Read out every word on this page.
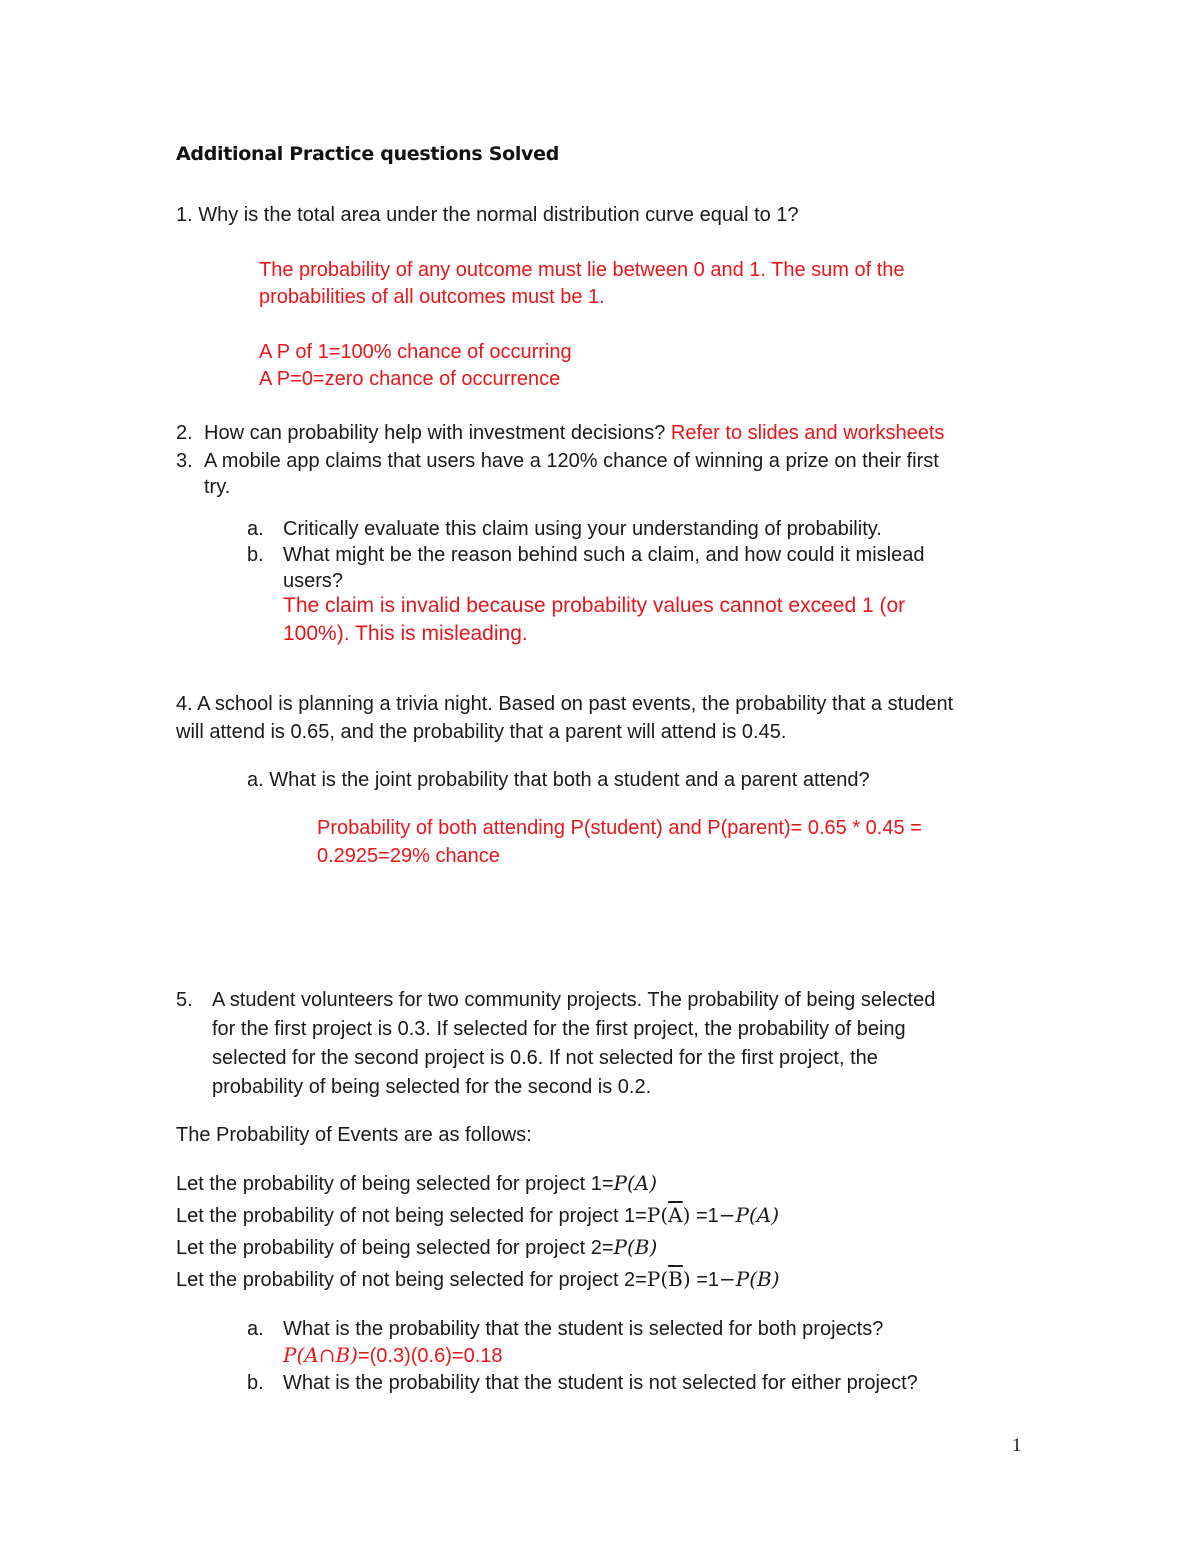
Additional Practice questions Solved
1. Why is the total area under the normal distribution curve equal to 1?
The probability of any outcome must lie between 0 and 1. The sum of the
probabilities of all outcomes must be 1.
A P of 1=100% chance of occurring
A P=0=zero chance of occurrence
2. How can probability help with investment decisions? Refer to slides and worksheets
3. A mobile app claims that users have a 120% chance of winning a prize on their first
try.
a. Critically evaluate this claim using your understanding of probability.
b. What might be the reason behind such a claim, and how could it mislead
users?
The claim is invalid because probability values cannot exceed 1 (or
100%). This is misleading.
4. A school is planning a trivia night. Based on past events, the probability that a student
will attend is 0.65, and the probability that a parent will attend is 0.45.
a. What is the joint probability that both a student and a parent attend?
Probability of both attending P(student) and P(parent)= 0.65 * 0.45 =
0.2925=29% chance
5. A student volunteers for two community projects. The probability of being selected
for the first project is 0.3. If selected for the first project, the probability of being
selected for the second project is 0.6. If not selected for the first project, the
probability of being selected for the second is 0.2.
The Probability of Events are as follows:
Let the probability of being selected for project 1=P(A)
Let the probability of not being selected for project $1=P(\overline{A}) =1-P(A)$
Let the probability of being selected for project 2=P(B)
Let the probability of not being selected for project $2=P(\overline{B}) =1-P(B)$
a. What is the probability that the student is selected for both projects?
P(A∩B)=(0.3)(0.6)=0.18
b. What is the probability that the student is not selected for either project?
1
